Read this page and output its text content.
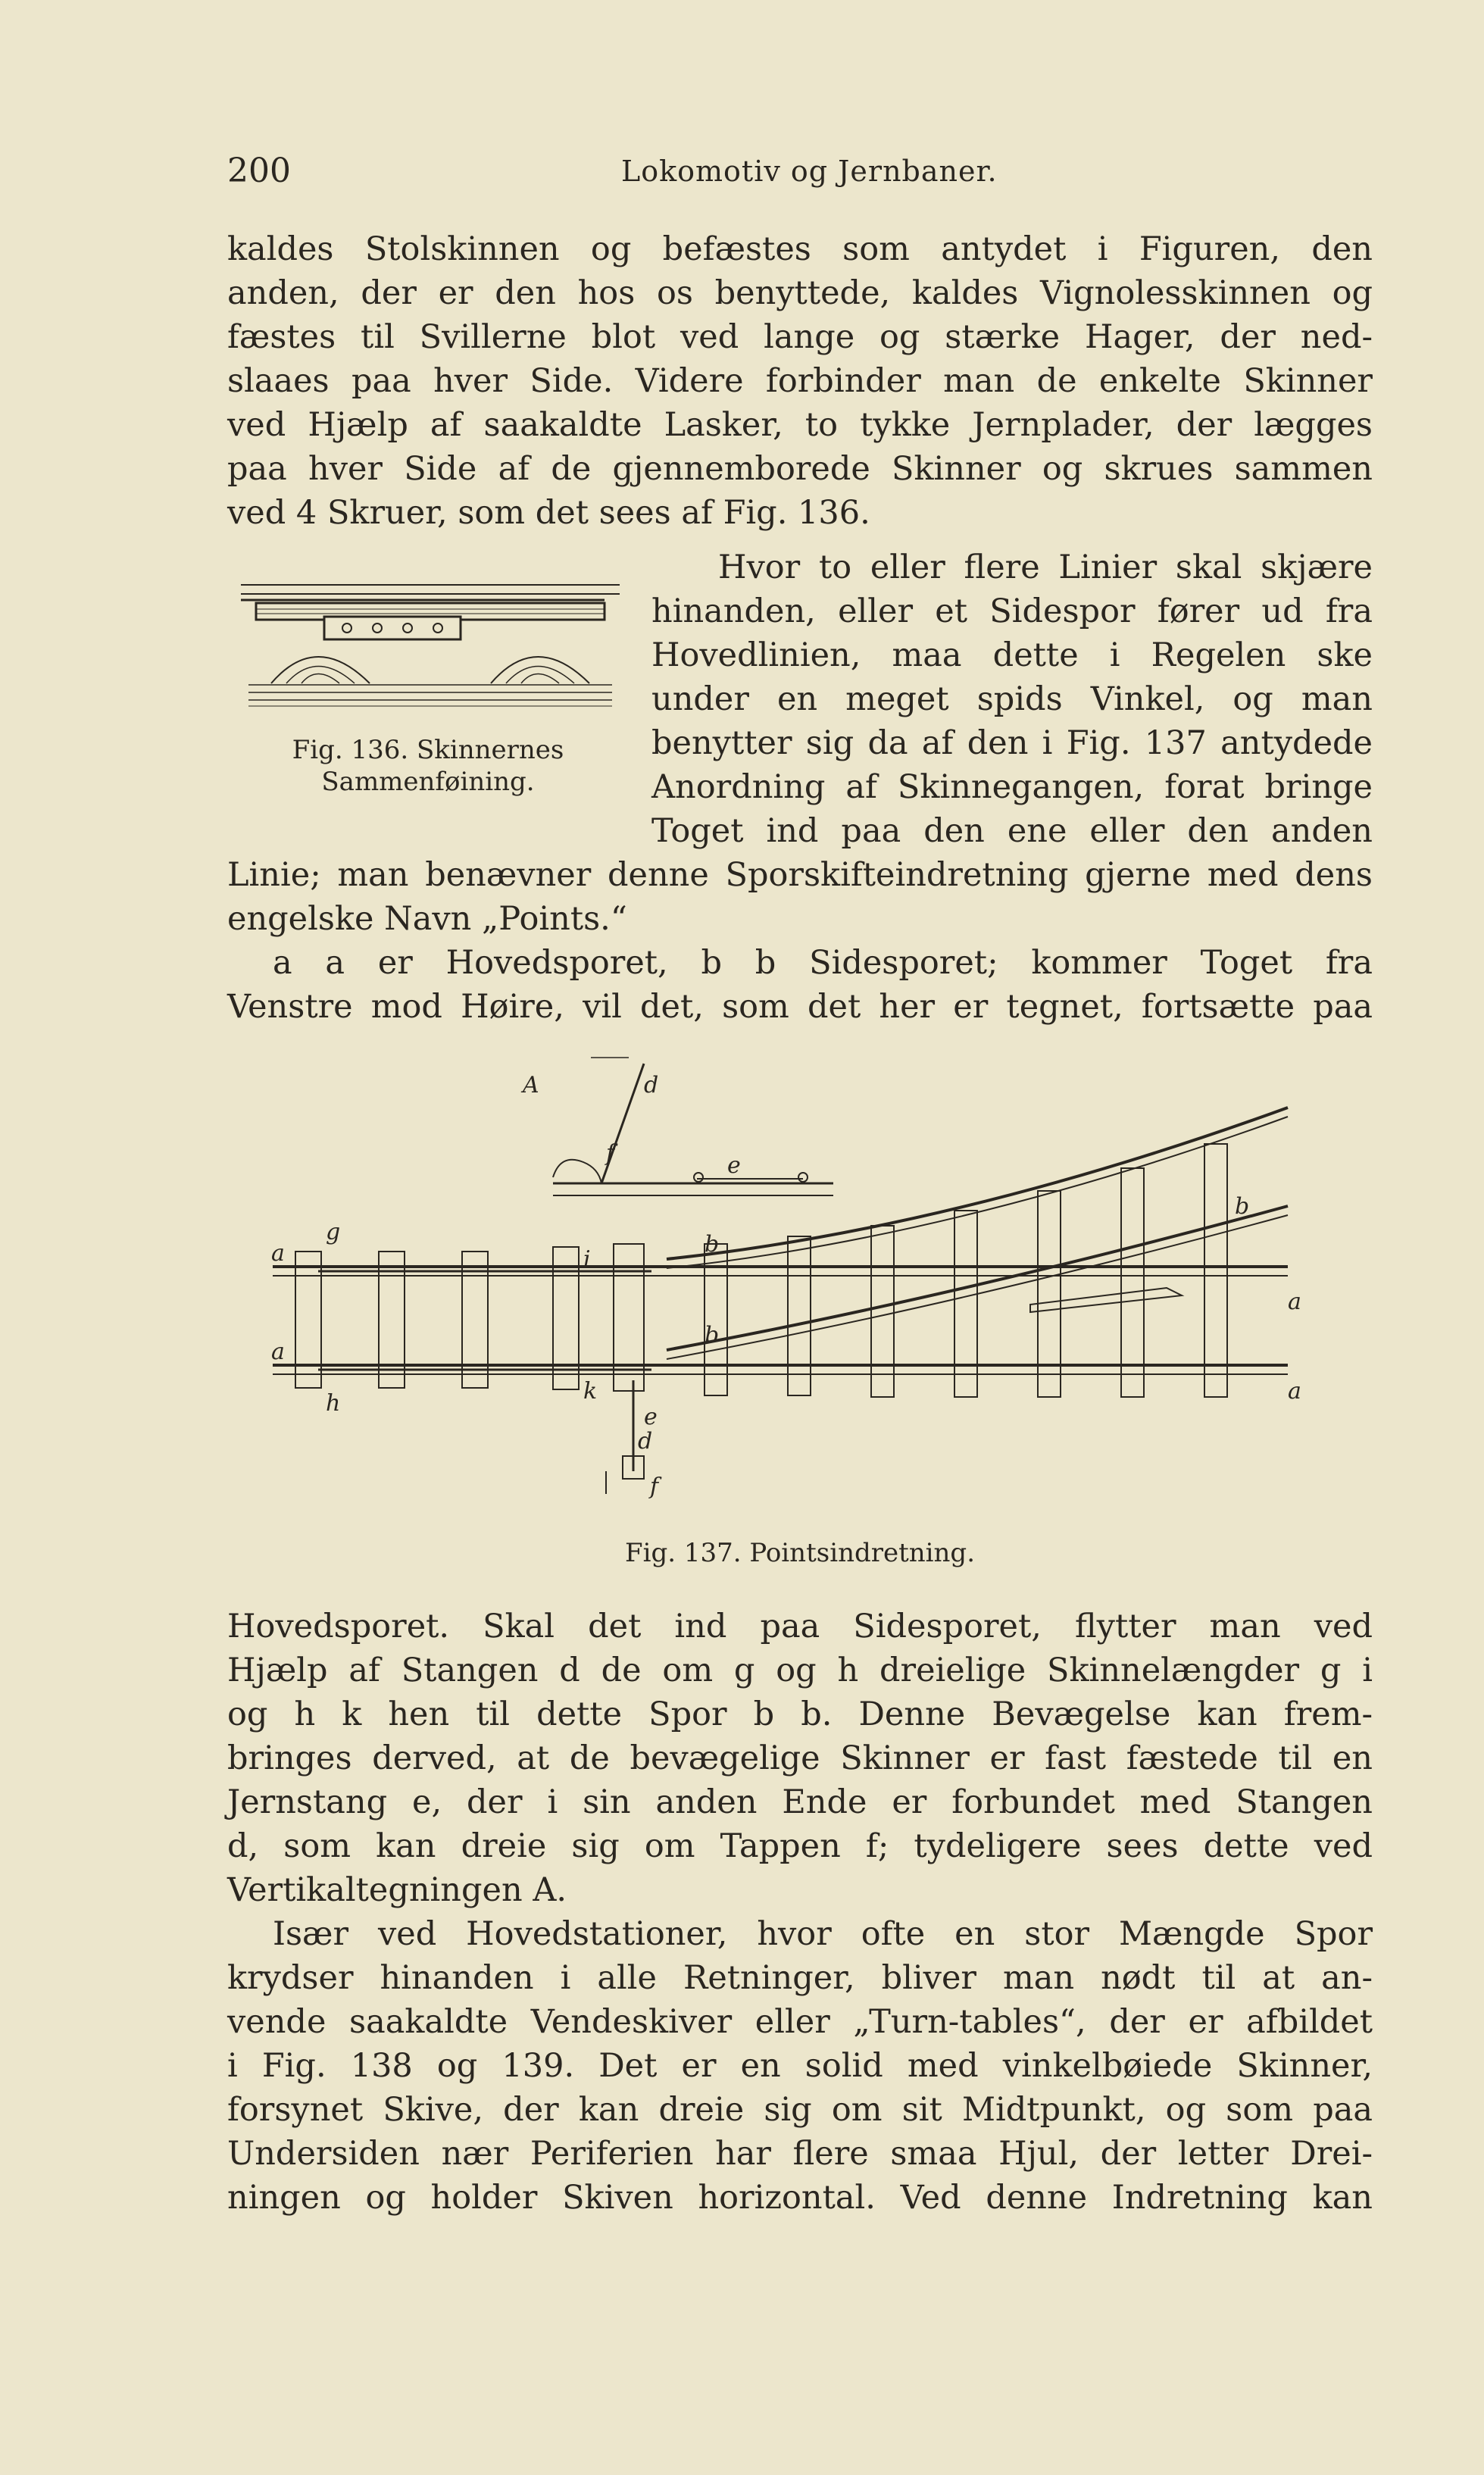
200	Lokomotiv og Jernbaner.
kaldes Stolskinnen og befæstes som antydet i Figuren, den
anden, der er den hos os benyttede, kaldes Vignolesskinnen og
fæstes til Svillerne blot ved lange og stærke Hager, der ned-
slaaes paa hver Side. Videre forbinder man de enkelte Skinner
ved Hjælp af saakaldte Lasker, to tykke Jernplader, der lægges
paa hver Side af de gjennemborede Skinner og skrues sammen
ved 4 Skruer, som det sees af Fig. 136.
Fig. 136. Skinnernes
Sammenføining.
Hvor to eller flere Linier skal skjære
hinanden, eller et Sidespor fører ud fra
Hovedlinien, maa dette i Regelen ske
under en meget spids Vinkel, og man
benytter sig da af den i Fig. 137 antydede
Anordning af Skinnegangen, forat bringe
Toget ind paa den ene eller den anden
Linie; man benævner denne Sporskifteindretning gjerne med dens
engelske Navn „Points.“
a a er Hovedsporet, b b Sidesporet; kommer Toget fra
Venstre mod Høire, vil det, som det her er tegnet, fortsætte paa
A	d
e
f
a
a
a
a
g
h
i
k
b
b
b
e
d
f
Fig. 137. Pointsindretning.
Hovedsporet. Skal det ind paa Sidesporet, flytter man ved
Hjælp af Stangen d de om g og h dreielige Skinnelængder g i
og h k hen til dette Spor b b. Denne Bevægelse kan frem-
bringes derved, at de bevægelige Skinner er fast fæstede til en
Jernstang e, der i sin anden Ende er forbundet med Stangen
d, som kan dreie sig om Tappen f; tydeligere sees dette ved
Vertikaltegningen A.
Især ved Hovedstationer, hvor ofte en stor Mængde Spor
krydser hinanden i alle Retninger, bliver man nødt til at an-
vende saakaldte Vendeskiver eller „Turn-tables“, der er afbildet
i Fig. 138 og 139. Det er en solid med vinkelbøiede Skinner,
forsynet Skive, der kan dreie sig om sit Midtpunkt, og som paa
Undersiden nær Periferien har flere smaa Hjul, der letter Drei-
ningen og holder Skiven horizontal. Ved denne Indretning kan
